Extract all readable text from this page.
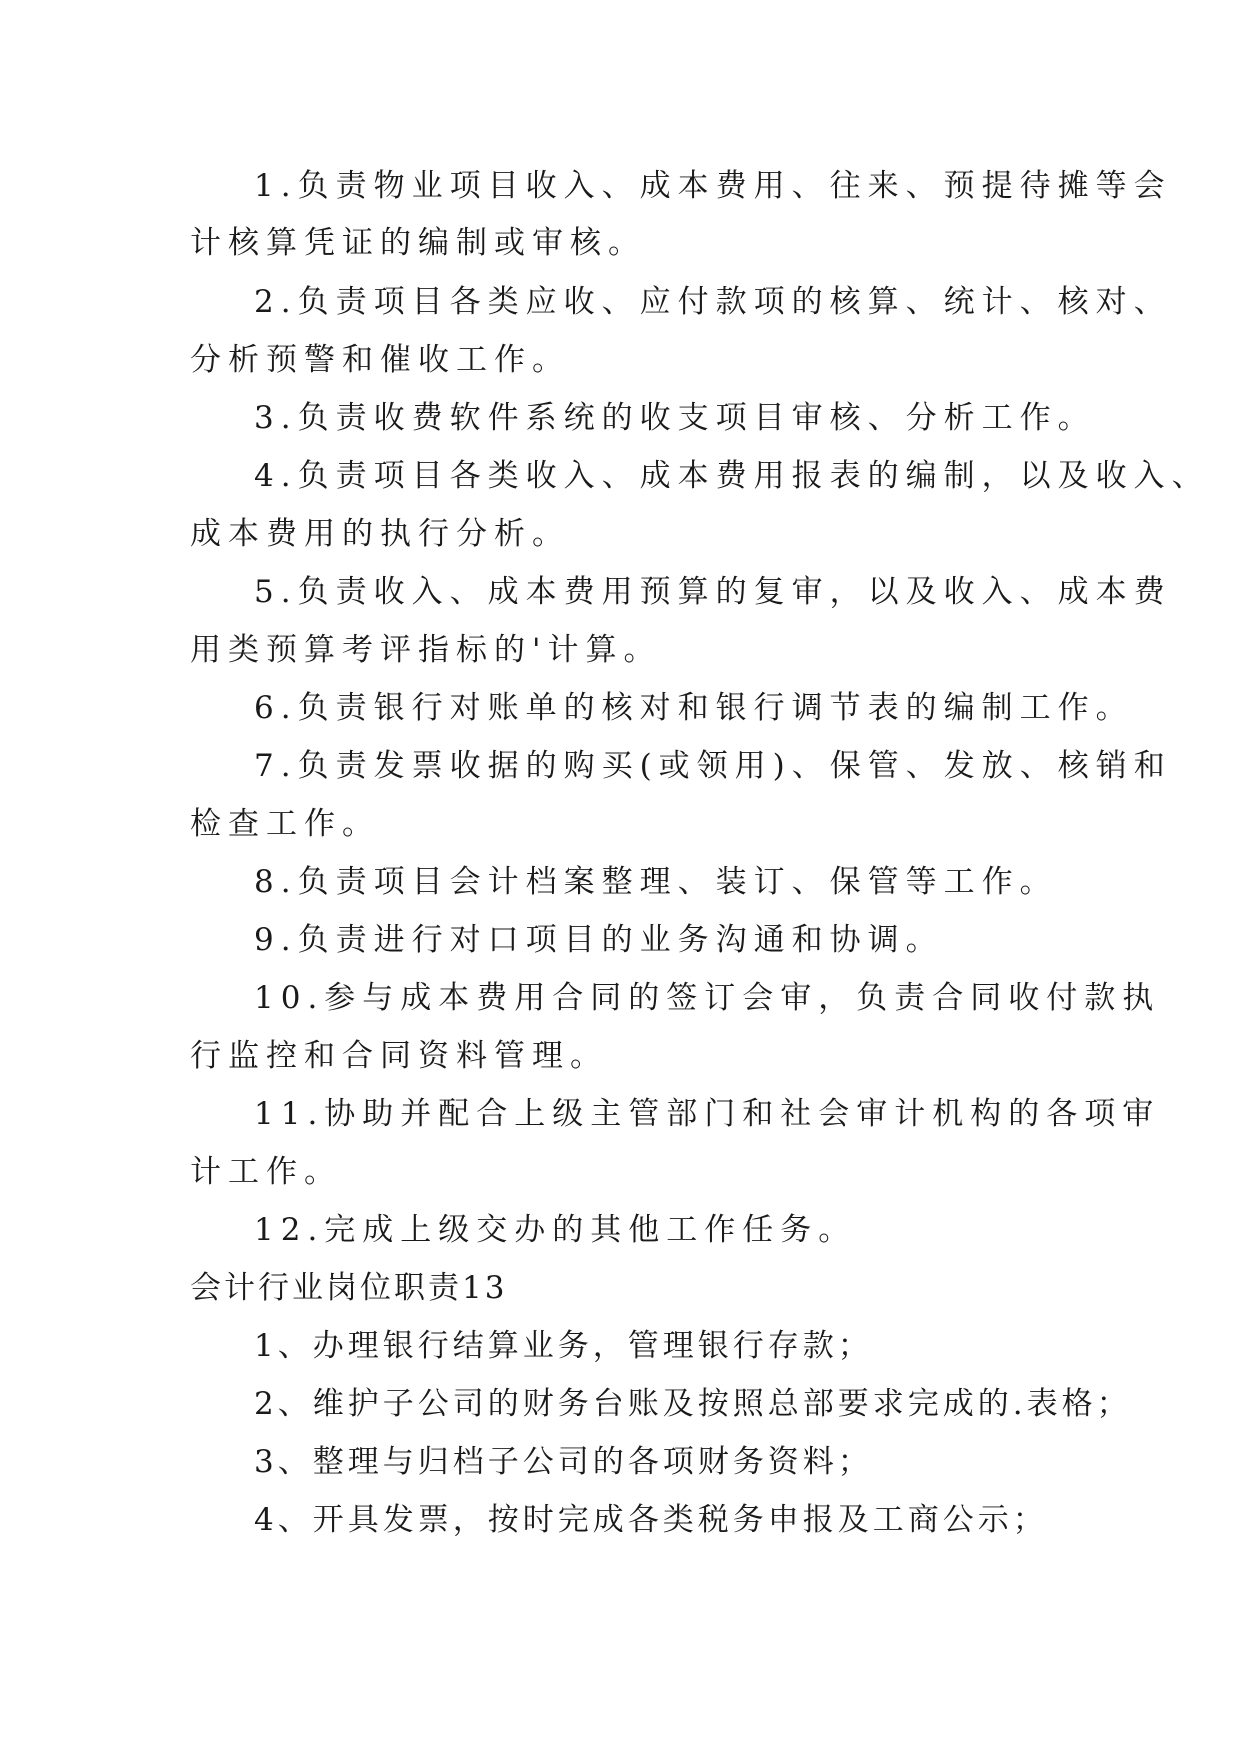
1.负责物业项目收入、成本费用、往来、预提待摊等会
计核算凭证的编制或审核。
2.负责项目各类应收、应付款项的核算、统计、核对、
分析预警和催收工作。
3.负责收费软件系统的收支项目审核、分析工作。
4.负责项目各类收入、成本费用报表的编制，以及收入、
成本费用的执行分析。
5.负责收入、成本费用预算的复审，以及收入、成本费
用类预算考评指标的'计算。
6.负责银行对账单的核对和银行调节表的编制工作。
7.负责发票收据的购买(或领用)、保管、发放、核销和
检查工作。
8.负责项目会计档案整理、装订、保管等工作。
9.负责进行对口项目的业务沟通和协调。
10.参与成本费用合同的签订会审，负责合同收付款执
行监控和合同资料管理。
11.协助并配合上级主管部门和社会审计机构的各项审
计工作。
12.完成上级交办的其他工作任务。
会计行业岗位职责13
1、办理银行结算业务，管理银行存款；
2、维护子公司的财务台账及按照总部要求完成的.表格；
3、整理与归档子公司的各项财务资料；
4、开具发票，按时完成各类税务申报及工商公示；
